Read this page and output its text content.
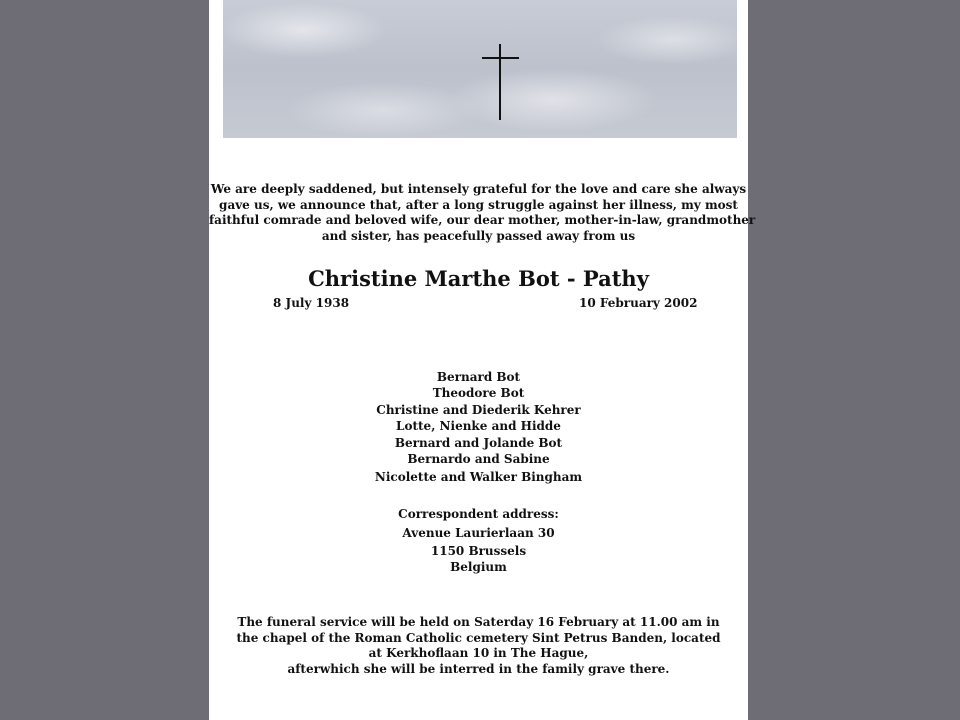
We are deeply saddened, but intensely grateful for the love and care she always
gave us, we announce that, after a long struggle against her illness, my most
faithful comrade and beloved wife, our dear mother, mother-in-law, grandmother
and sister, has peacefully passed away from us
Christine Marthe Bot - Pathy
8 July 1938	10 February 2002
Bernard Bot
Theodore Bot
Christine and Diederik Kehrer
Lotte, Nienke and Hidde
Bernard and Jolande Bot
Bernardo and Sabine
Nicolette and Walker Bingham
Correspondent address:
Avenue Laurierlaan 30
1150 Brussels
Belgium
The funeral service will be held on Saterday 16 February at 11.00 am in
the chapel of the Roman Catholic cemetery Sint Petrus Banden, located
at Kerkhoflaan 10 in The Hague,
afterwhich she will be interred in the family grave there.
